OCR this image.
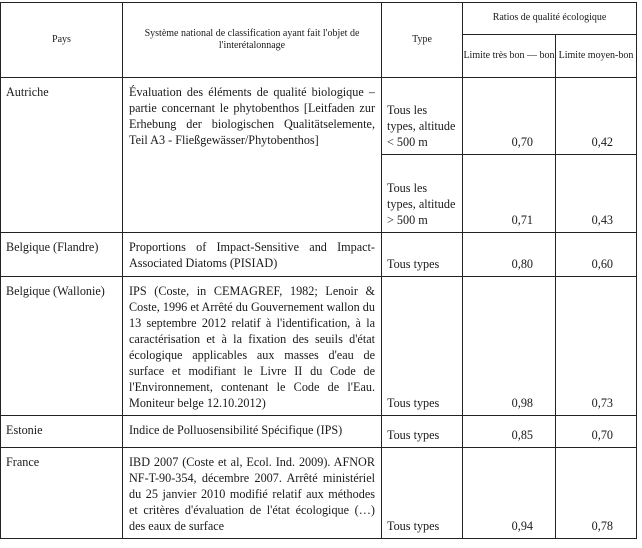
Pays	Système national de classification ayant fait l'objet de l'interétalonnage	Type	Ratios de qualité écologique	
			Limite très bon — bon	Limite moyen-bon
Autriche	Évaluation des éléments de qualité biologique – partie concernant le phytobenthos [Leitfaden zur Erhebung der biologischen Qualitätselemente, Teil A3 - Fließgewässer/Phytobenthos]	Tous les types, altitude < 500 m	0,70	0,42
		Tous les types, altitude > 500 m	0,71	0,43
Belgique (Flandre)	Proportions of Impact-Sensitive and Impact-Associated Diatoms (PISIAD)	Tous types	0,80	0,60
Belgique (Wallonie)	IPS (Coste, in CEMAGREF, 1982; Lenoir & Coste, 1996 et Arrêté du Gouvernement wallon du 13 septembre 2012 relatif à l'identification, à la caractérisation et à la fixation des seuils d'état écologique applicables aux masses d'eau de surface et modifiant le Livre II du Code de l'Environnement, contenant le Code de l'Eau. Moniteur belge 12.10.2012)	Tous types	0,98	0,73
Estonie	Indice de Polluosensibilité Spécifique (IPS)	Tous types	0,85	0,70
France	IBD 2007 (Coste et al, Ecol. Ind. 2009). AFNOR NF-T-90-354, décembre 2007. Arrêté ministériel du 25 janvier 2010 modifié relatif aux méthodes et critères d'évaluation de l'état écologique (…) des eaux de surface	Tous types	0,94	0,78
